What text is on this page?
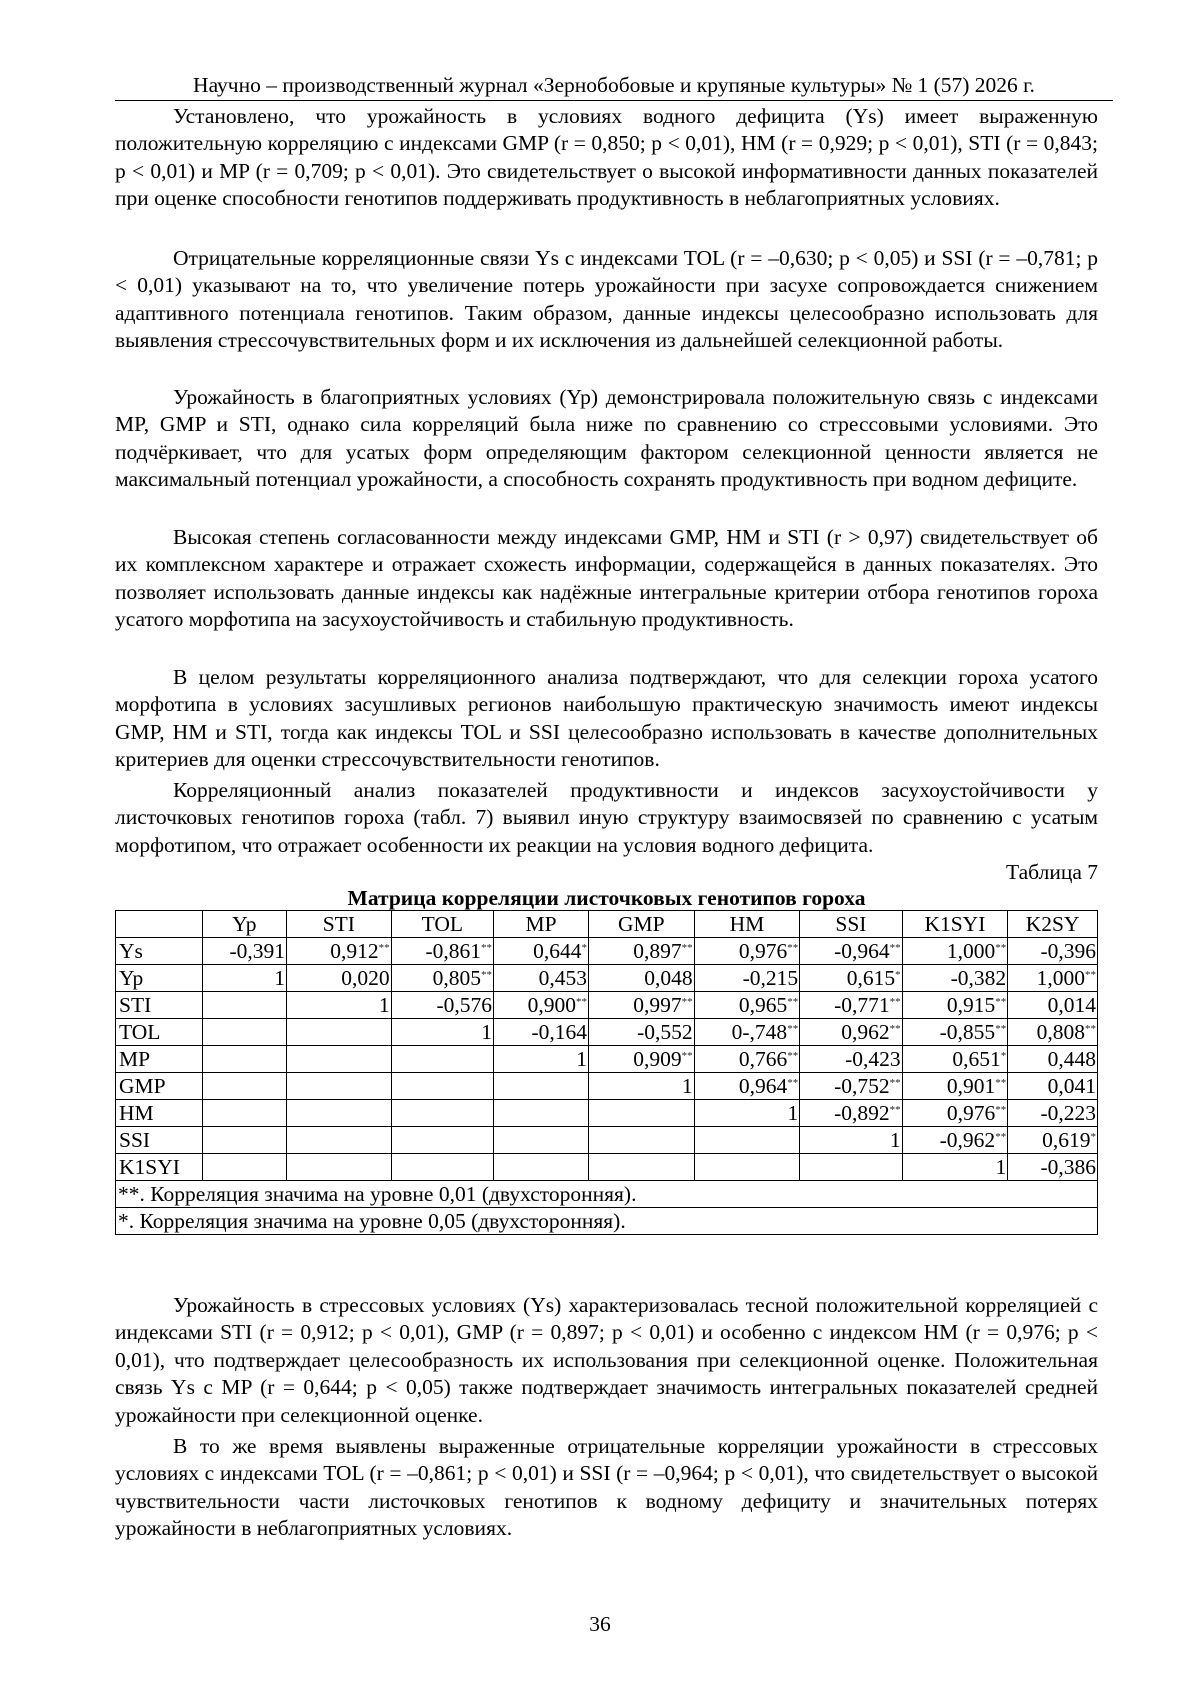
Научно – производственный журнал «Зернобобовые и крупяные культуры» № 1 (57) 2026 г.

Установлено, что урожайность в условиях водного дефицита (Ys) имеет выраженную положительную корреляцию с индексами GMP (r = 0,850; p < 0,01), HM (r = 0,929; p < 0,01), STI (r = 0,843; p < 0,01) и MP (r = 0,709; p < 0,01). Это свидетельствует о высокой информативности данных показателей при оценке способности генотипов поддерживать продуктивность в неблагоприятных условиях.

Отрицательные корреляционные связи Ys с индексами TOL (r = –0,630; p < 0,05) и SSI (r = –0,781; p < 0,01) указывают на то, что увеличение потерь урожайности при засухе сопровождается снижением адаптивного потенциала генотипов. Таким образом, данные индексы целесообразно использовать для выявления стрессочувствительных форм и их исключения из дальнейшей селекционной работы.

Урожайность в благоприятных условиях (Yp) демонстрировала положительную связь с индексами MP, GMP и STI, однако сила корреляций была ниже по сравнению со стрессовыми условиями. Это подчёркивает, что для усатых форм определяющим фактором селекционной ценности является не максимальный потенциал урожайности, а способность сохранять продуктивность при водном дефиците.

Высокая степень согласованности между индексами GMP, HM и STI (r > 0,97) свидетельствует об их комплексном характере и отражает схожесть информации, содержащейся в данных показателях. Это позволяет использовать данные индексы как надёжные интегральные критерии отбора генотипов гороха усатого морфотипа на засухоустойчивость и стабильную продуктивность.

В целом результаты корреляционного анализа подтверждают, что для селекции гороха усатого морфотипа в условиях засушливых регионов наибольшую практическую значимость имеют индексы GMP, HM и STI, тогда как индексы TOL и SSI целесообразно использовать в качестве дополнительных критериев для оценки стрессочувствительности генотипов.

Корреляционный анализ показателей продуктивности и индексов засухоустойчивости у листочковых генотипов гороха (табл. 7) выявил иную структуру взаимосвязей по сравнению с усатым морфотипом, что отражает особенности их реакции на условия водного дефицита.

Таблица 7
Матрица корреляции листочковых генотипов гороха
	Yp	STI	TOL	MP	GMP	HM	SSI	K1SYI	K2SY
Ys	-0,391	0,912**	-0,861**	0,644*	0,897**	0,976**	-0,964**	1,000**	-0,396
Yp	1	0,020	0,805**	0,453	0,048	-0,215	0,615*	-0,382	1,000**
STI		1	-0,576	0,900**	0,997**	0,965**	-0,771**	0,915**	0,014
TOL			1	-0,164	-0,552	0-,748**	0,962**	-0,855**	0,808**
MP				1	0,909**	0,766**	-0,423	0,651*	0,448
GMP					1	0,964**	-0,752**	0,901**	0,041
HM						1	-0,892**	0,976**	-0,223
SSI							1	-0,962**	0,619*
K1SYI								1	-0,386
**. Корреляция значима на уровне 0,01 (двухсторонняя).									
*. Корреляция значима на уровне 0,05 (двухсторонняя).									

Урожайность в стрессовых условиях (Ys) характеризовалась тесной положительной корреляцией с индексами STI (r = 0,912; p < 0,01), GMP (r = 0,897; p < 0,01) и особенно с индексом HM (r = 0,976; p < 0,01), что подтверждает целесообразность их использования при селекционной оценке. Положительная связь Ys с MP (r = 0,644; p < 0,05) также подтверждает значимость интегральных показателей средней урожайности при селекционной оценке.

В то же время выявлены выраженные отрицательные корреляции урожайности в стрессовых условиях с индексами TOL (r = –0,861; p < 0,01) и SSI (r = –0,964; p < 0,01), что свидетельствует о высокой чувствительности части листочковых генотипов к водному дефициту и значительных потерях урожайности в неблагоприятных условиях.

36
